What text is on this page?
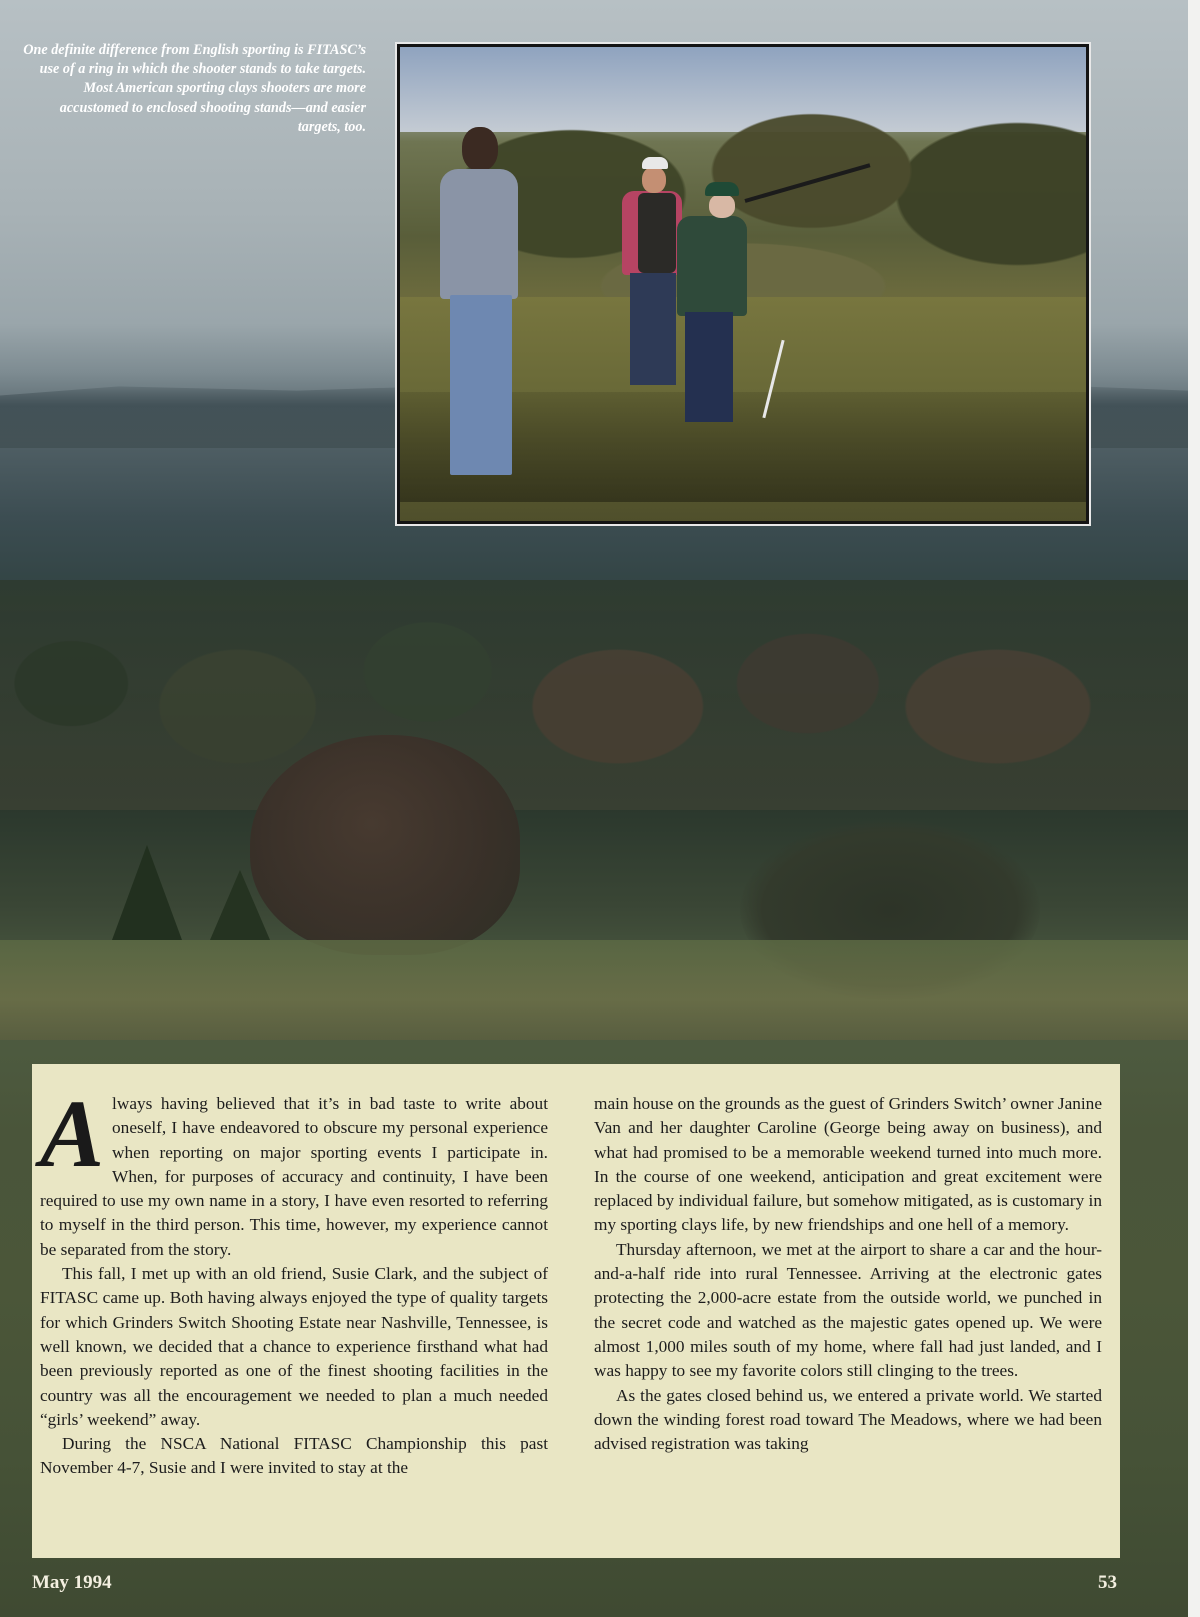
One definite difference from English sporting is FITASC’s use of a ring in which the shooter stands to take targets. Most American sporting clays shooters are more accustomed to enclosed shooting stands—and easier targets, too.

Always having believed that it’s in bad taste to write about oneself, I have endeavored to obscure my personal experience when reporting on major sporting events I participate in. When, for purposes of accuracy and continuity, I have been required to use my own name in a story, I have even resorted to referring to myself in the third person. This time, however, my experience cannot be separated from the story.

This fall, I met up with an old friend, Susie Clark, and the subject of FITASC came up. Both having always enjoyed the type of quality targets for which Grinders Switch Shooting Estate near Nashville, Tennessee, is well known, we decided that a chance to experience firsthand what had been previously reported as one of the finest shooting facilities in the country was all the encouragement we needed to plan a much needed “girls’ weekend” away.

During the NSCA National FITASC Championship this past November 4-7, Susie and I were invited to stay at the

main house on the grounds as the guest of Grinders Switch’ owner Janine Van and her daughter Caroline (George being away on business), and what had promised to be a memorable weekend turned into much more. In the course of one weekend, anticipation and great excitement were replaced by individual failure, but somehow mitigated, as is customary in my sporting clays life, by new friendships and one hell of a memory.

Thursday afternoon, we met at the airport to share a car and the hour-and-a-half ride into rural Tennessee. Arriving at the electronic gates protecting the 2,000-acre estate from the outside world, we punched in the secret code and watched as the majestic gates opened up. We were almost 1,000 miles south of my home, where fall had just landed, and I was happy to see my favorite colors still clinging to the trees.

As the gates closed behind us, we entered a private world. We started down the winding forest road toward The Meadows, where we had been advised registration was taking

May 1994	53
